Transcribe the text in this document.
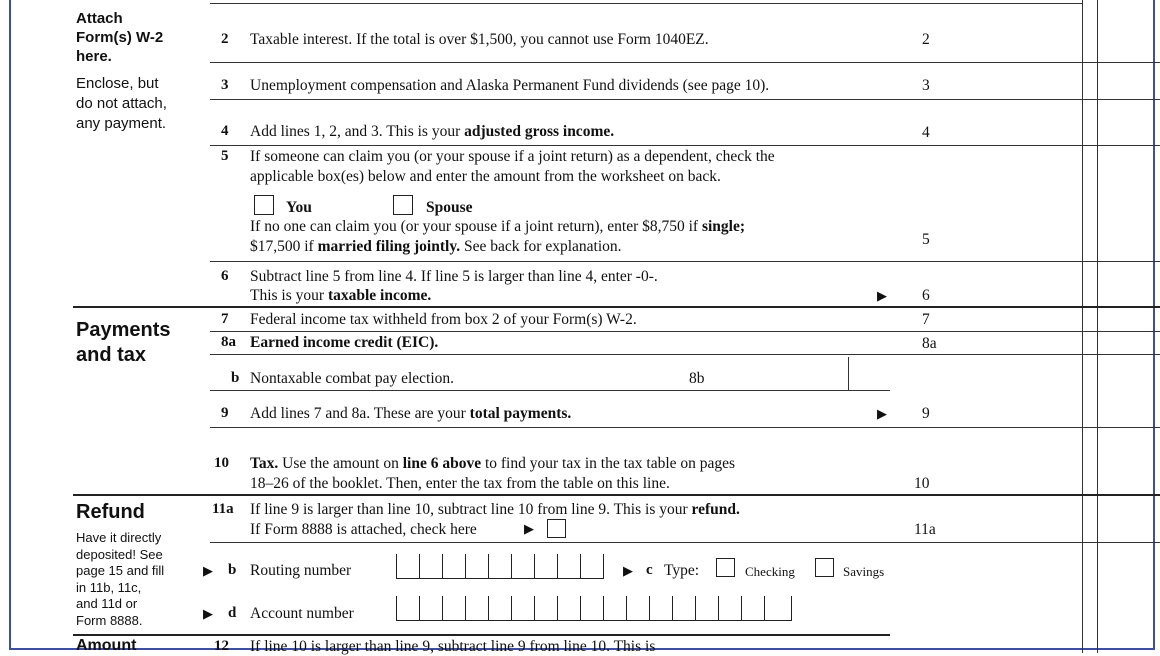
Attach
Form(s) W-2
here.
Enclose, but
do not attach,
any payment.
Payments
and tax
Refund
Have it directly
deposited! See
page 15 and fill
in 11b, 11c,
and 11d or
Form 8888.
Amount
2 Taxable interest. If the total is over $1,500, you cannot use Form 1040EZ.	2
3 Unemployment compensation and Alaska Permanent Fund dividends (see page 10).	3
4 Add lines 1, 2, and 3. This is your adjusted gross income.	4
5 If someone can claim you (or your spouse if a joint return) as a dependent, check the
applicable box(es) below and enter the amount from the worksheet on back.
You	Spouse
If no one can claim you (or your spouse if a joint return), enter $8,750 if single;
$17,500 if married filing jointly. See back for explanation.	5
6 Subtract line 5 from line 4. If line 5 is larger than line 4, enter -0-.
This is your taxable income.	▶ 6
7 Federal income tax withheld from box 2 of your Form(s) W-2.	7
8a Earned income credit (EIC).	8a
b Nontaxable combat pay election.	8b
9 Add lines 7 and 8a. These are your total payments.	▶ 9
10 Tax. Use the amount on line 6 above to find your tax in the tax table on pages
18–26 of the booklet. Then, enter the tax from the table on this line.	10
11a If line 9 is larger than line 10, subtract line 10 from line 9. This is your refund.
If Form 8888 is attached, check here	▶	11a
▶ b Routing number	▶ c Type:	Checking	Savings
▶ d Account number
12 If line 10 is larger than line 9, subtract line 9 from line 10. This is
